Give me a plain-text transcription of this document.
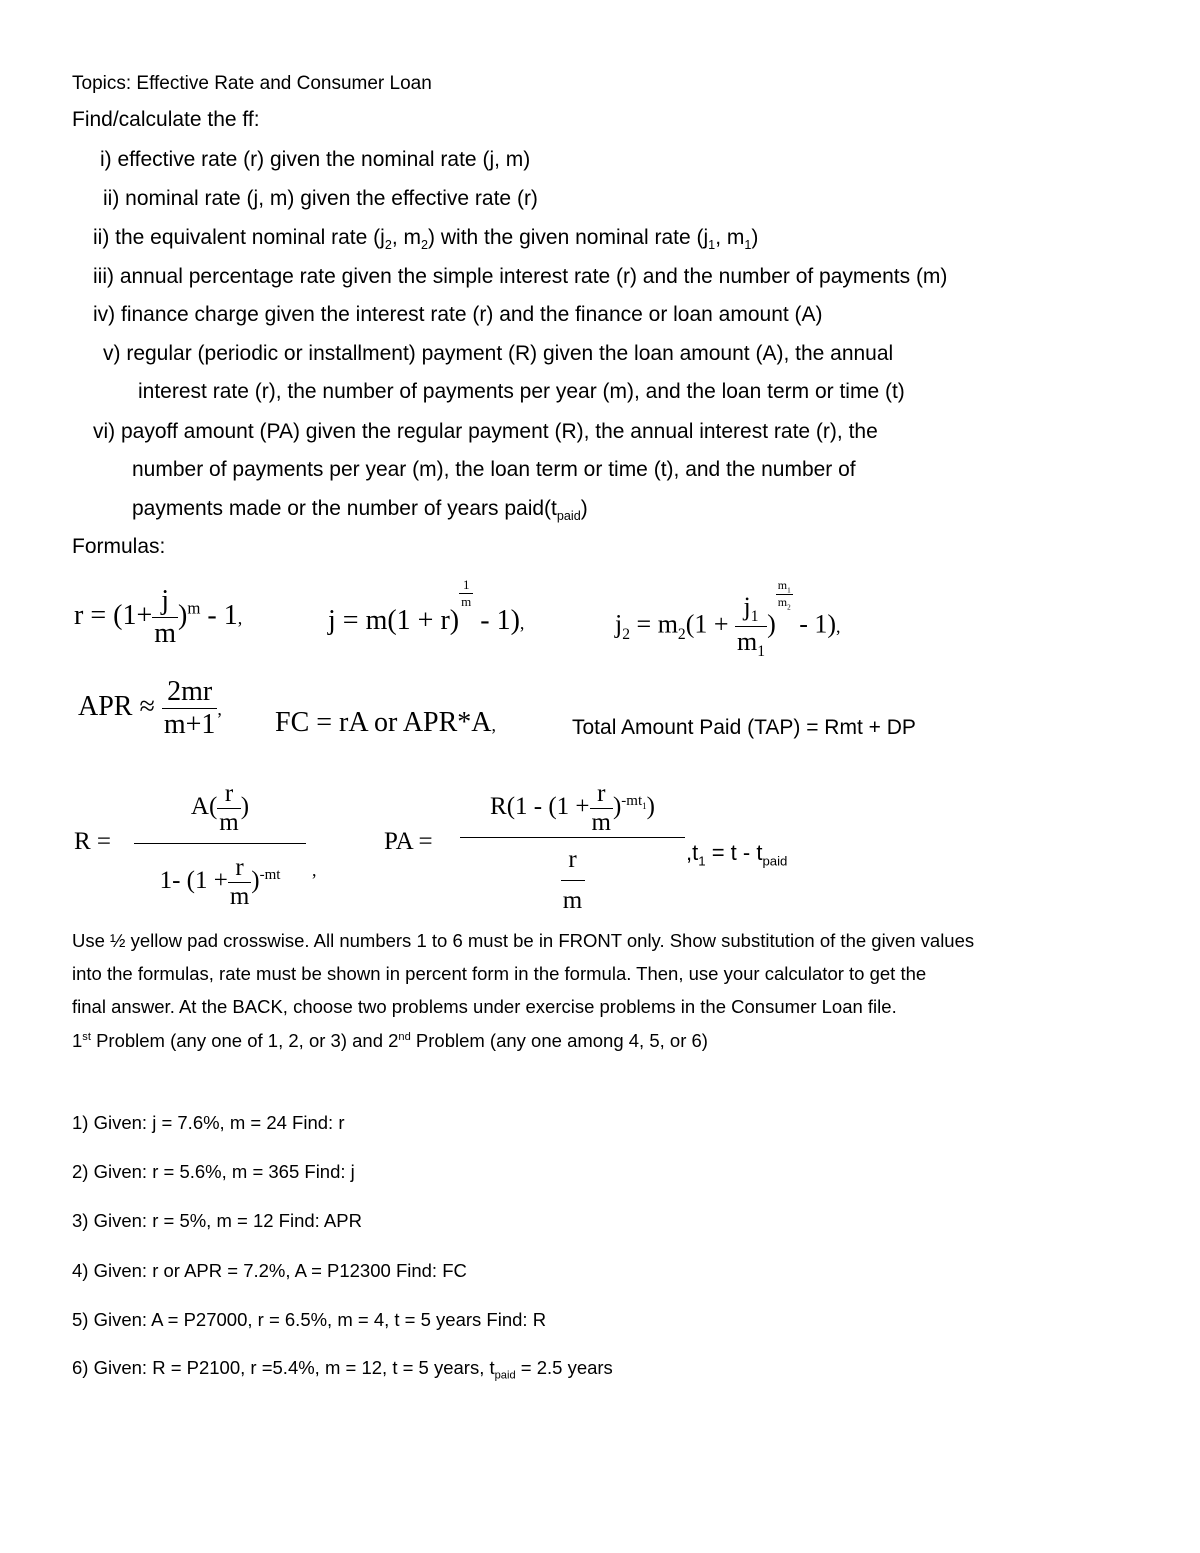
Topics: Effective Rate and Consumer Loan
Find/calculate the ff:
i) effective rate (r) given the nominal rate (j, m)
ii) nominal rate (j, m) given the effective rate (r)
ii) the equivalent nominal rate ($j_2$, $m_2$) with the given nominal rate ($j_1$, $m_1$)
iii) annual percentage rate given the simple interest rate (r) and the number of payments (m)
iv) finance charge given the interest rate (r) and the finance or loan amount (A)
v) regular (periodic or installment) payment (R) given the loan amount (A), the annual
interest rate (r), the number of payments per year (m), and the loan term or time (t)
vi) payoff amount (PA) given the regular payment (R), the annual interest rate (r), the
number of payments per year (m), the loan term or time (t), and the number of
payments made or the number of years $paid(t_{paid})$
Formulas:
$r = (1+ \frac{j}{m} )^m - 1$,	j = m(1 + r)
$\frac{1}{m}$
- 1),	$j_2 = m_2(1 + \frac{j_1}{m_1}$ )
$\frac{m_1}{m_2}$
- 1),
APR ≈ $\frac{2mr}{m+1}$ , FC = rA or APR*A,	Total Amount Paid (TAP) = Rmt + DP
R =
$A( \frac{r}{m}$ )
1- $(1 + \frac{r}{m} )^{-mt}$	,
PA =
$R(1 - (1 + \frac{r}{m} )^{-mt_1})$
$\frac{r}{m}$	$,t_1 = t - t_{paid}$
Use ½ yellow pad crosswise. All numbers 1 to 6 must be in FRONT only. Show substitution of the given values
into the formulas, rate must be shown in percent form in the formula. Then, use your calculator to get the
final answer. At the BACK, choose two problems under exercise problems in the Consumer Loan file.
1st Problem (any one of 1, 2, or 3) and 2nd Problem (any one among 4, 5, or 6)
1) Given: j = 7.6%, m = 24 Find: r
2) Given: r = 5.6%, m = 365 Find: j
3) Given: r = 5%, m = 12 Find: APR
4) Given: r or APR = 7.2%, A = P12300 Find: FC
5) Given: A = P27000, r = 6.5%, m = 4, t = 5 years Find: R
6) Given: R = P2100, r =5.4%, m = 12, t = 5 years, $t_{paid} = 2.5$ years
